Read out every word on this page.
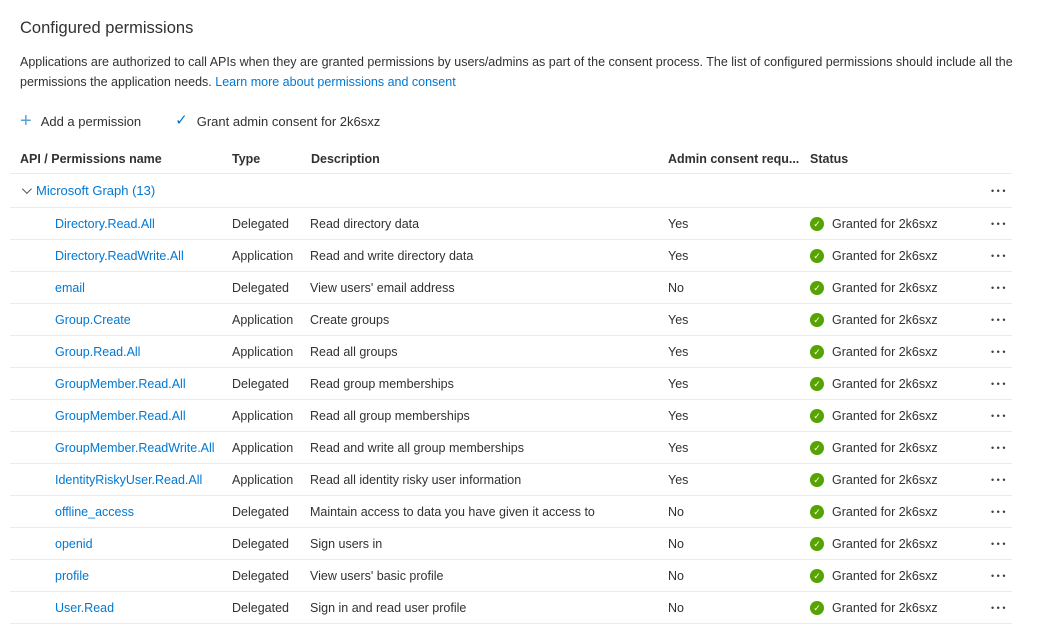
Configured permissions
Applications are authorized to call APIs when they are granted permissions by users/admins as part of the consent process. The list of configured permissions should include all the permissions the application needs. Learn more about permissions and consent
+ Add a permission ✓ Grant admin consent for 2k6sxz
API / Permissions name	Type	Description	Admin consent requ... Status
Microsoft Graph (13)	•••
Directory.Read.All	Delegated	Read directory data	Yes	✓ Granted for 2k6sxz	•••
Directory.ReadWrite.All	Application	Read and write directory data	Yes	✓ Granted for 2k6sxz	•••
email	Delegated	View users' email address	No	✓ Granted for 2k6sxz	•••
Group.Create	Application	Create groups	Yes	✓ Granted for 2k6sxz	•••
Group.Read.All	Application	Read all groups	Yes	✓ Granted for 2k6sxz	•••
GroupMember.Read.All	Delegated	Read group memberships	Yes	✓ Granted for 2k6sxz	•••
GroupMember.Read.All	Application	Read all group memberships	Yes	✓ Granted for 2k6sxz	•••
GroupMember.ReadWrite.All	Application	Read and write all group memberships	Yes	✓ Granted for 2k6sxz	•••
IdentityRiskyUser.Read.All	Application	Read all identity risky user information	Yes	✓ Granted for 2k6sxz	•••
offline_access	Delegated	Maintain access to data you have given it access to	No	✓ Granted for 2k6sxz	•••
openid	Delegated	Sign users in	No	✓ Granted for 2k6sxz	•••
profile	Delegated	View users' basic profile	No	✓ Granted for 2k6sxz	•••
User.Read	Delegated	Sign in and read user profile	No	✓ Granted for 2k6sxz	•••
